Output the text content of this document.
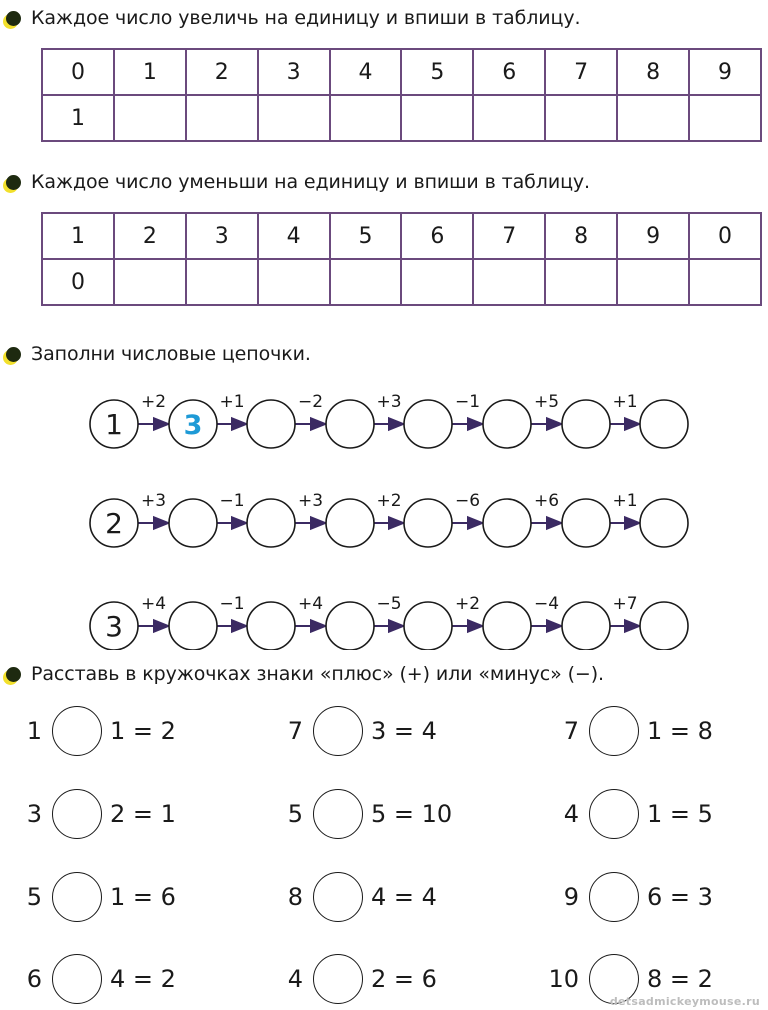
Каждое число увеличь на единицу и впиши в таблицу.
0	1	2	3	4	5	6	7	8	9
1									
Каждое число уменьши на единицу и впиши в таблицу.
1	2	3	4	5	6	7	8	9	0
0									
Заполни числовые цепочки.
+2	+1	−2	+3	−1	+5	+1
1 3
+3	−1	+3	+2	−6	+6	+1
2
+4	−1	+4	−5	+2	−4	+7
3
Расставь в кружочках знаки «плюс» (+) или «минус» (−).
1	1 = 2
3	2 = 1
5	1 = 6
6	4 = 2
7	3 = 4
5	5 = 10
8	4 = 4
4	2 = 6
7	1 = 8
4	1 = 5
9	6 = 3
10	8 = 2
detsadmickeymouse.ru
